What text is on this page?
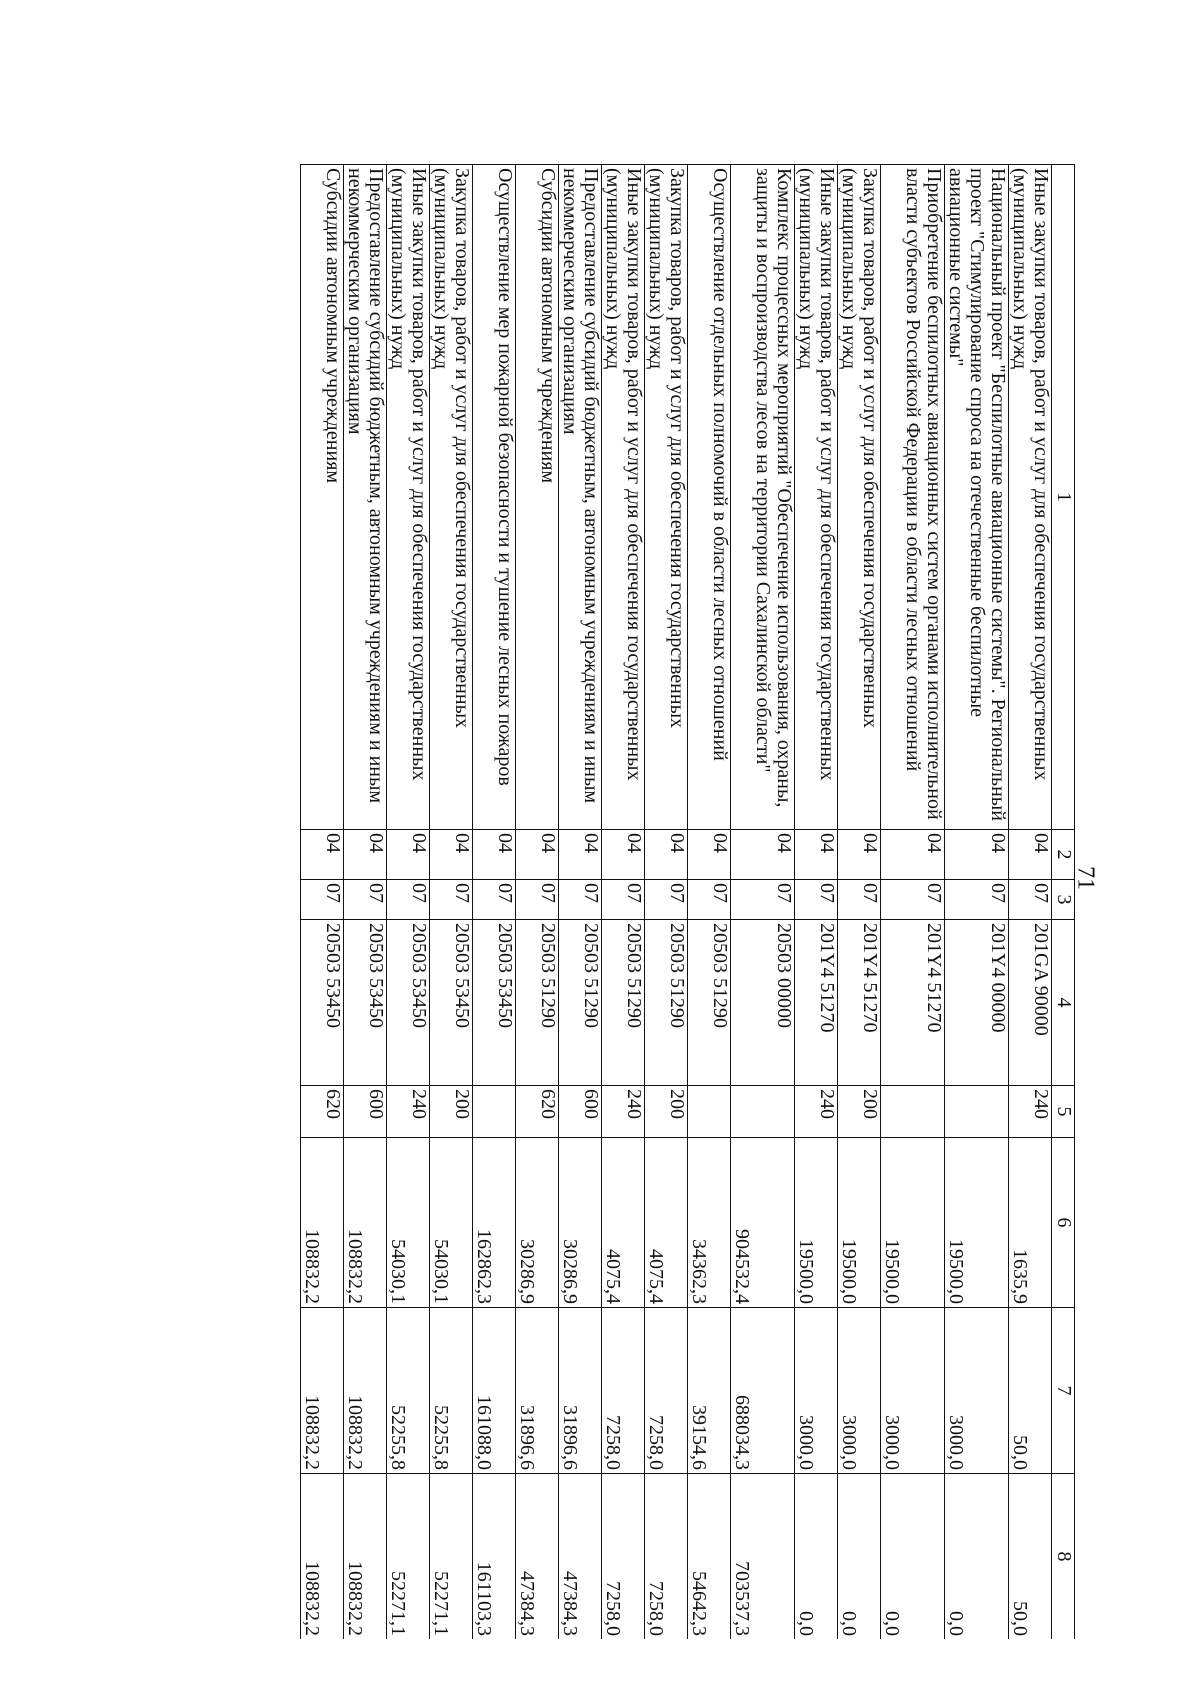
71
1	2	3	4	5	6	7	8
Иные закупки товаров, работ и услуг для обеспечения государственных (муниципальных) нужд	04	07	201GA 90000	240	1635,9	50,0	50,0
Национальный проект "Беспилотные авиационные системы". Региональный проект "Стимулирование спроса на отечественные беспилотные авиационные системы"	04	07	201Y4 00000		19500,0	3000,0	0,0
Приобретение беспилотных авиационных систем органами исполнительной власти субъектов Российской Федерации в области лесных отношений	04	07	201Y4 51270		19500,0	3000,0	0,0
Закупка товаров, работ и услуг для обеспечения государственных (муниципальных) нужд	04	07	201Y4 51270	200	19500,0	3000,0	0,0
Иные закупки товаров, работ и услуг для обеспечения государственных (муниципальных) нужд	04	07	201Y4 51270	240	19500,0	3000,0	0,0
Комплекс процессных мероприятий "Обеспечение использования, охраны, защиты и воспроизводства лесов на территории Сахалинской области"	04	07	20503 00000		904532,4	688034,3	703537,3
Осуществление отдельных полномочий в области лесных отношений	04	07	20503 51290		34362,3	39154,6	54642,3
Закупка товаров, работ и услуг для обеспечения государственных (муниципальных) нужд	04	07	20503 51290	200	4075,4	7258,0	7258,0
Иные закупки товаров, работ и услуг для обеспечения государственных (муниципальных) нужд	04	07	20503 51290	240	4075,4	7258,0	7258,0
Предоставление субсидий бюджетным, автономным учреждениям и иным некоммерческим организациям	04	07	20503 51290	600	30286,9	31896,6	47384,3
Субсидии автономным учреждениям	04	07	20503 51290	620	30286,9	31896,6	47384,3
Осуществление мер пожарной безопасности и тушение лесных пожаров	04	07	20503 53450		162862,3	161088,0	161103,3
Закупка товаров, работ и услуг для обеспечения государственных (муниципальных) нужд	04	07	20503 53450	200	54030,1	52255,8	52271,1
Иные закупки товаров, работ и услуг для обеспечения государственных (муниципальных) нужд	04	07	20503 53450	240	54030,1	52255,8	52271,1
Предоставление субсидий бюджетным, автономным учреждениям и иным некоммерческим организациям	04	07	20503 53450	600	108832,2	108832,2	108832,2
Субсидии автономным учреждениям	04	07	20503 53450	620	108832,2	108832,2	108832,2
